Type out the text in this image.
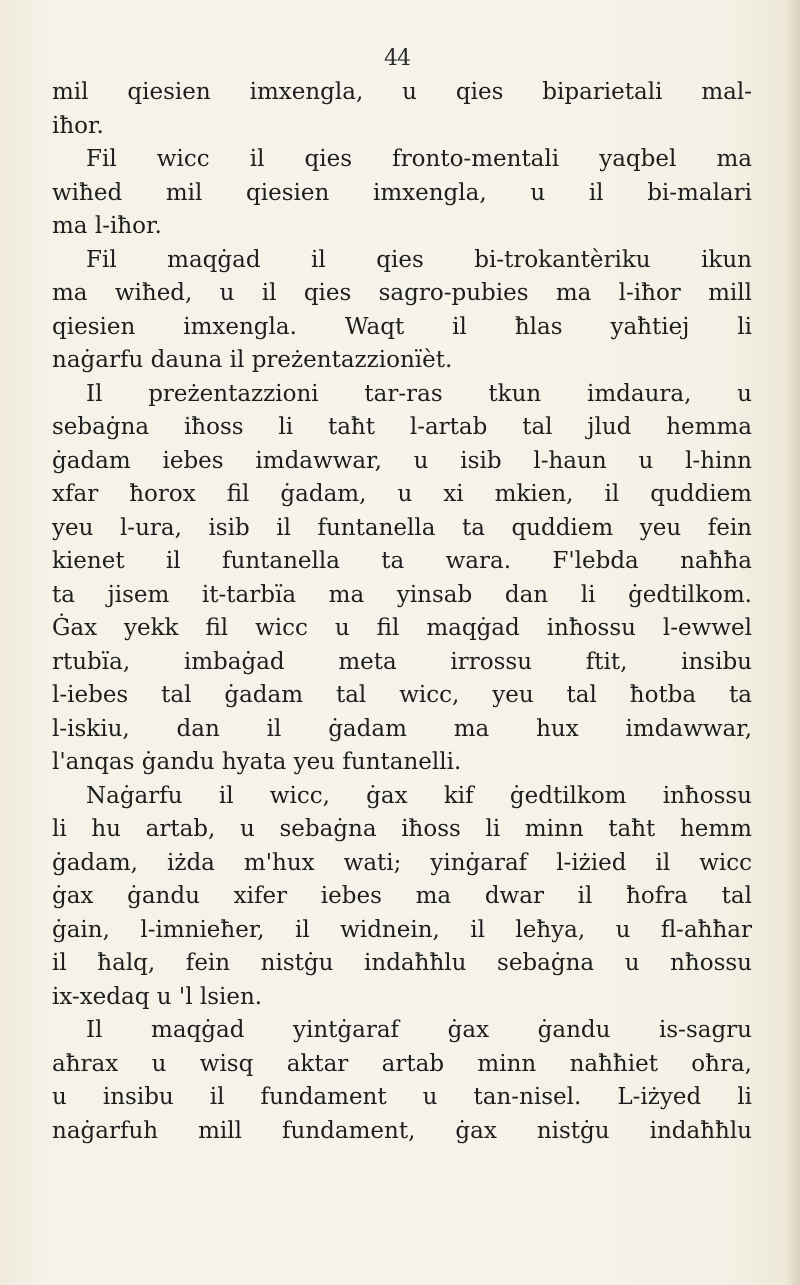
44
mil qiesien imxengla, u qies biparietali mal-
iħor.
Fil wicc il qies fronto-mentali yaqbel ma
wiħed mil qiesien imxengla, u il bi-malari
ma l-iħor.
Fil maqġad il qies bi-trokantèriku ikun
ma wiħed, u il qies sagro-pubies ma l-iħor mill
qiesien imxengla. Waqt il ħlas yaħtiej li
naġarfu dauna il preżentazzionïèt.
Il preżentazzioni tar-ras tkun imdaura, u
sebaġna iħoss li taħt l-artab tal jlud hemma
ġadam iebes imdawwar, u isib l-haun u l-hinn
xfar ħorox fil ġadam, u xi mkien, il quddiem
yeu l-ura, isib il funtanella ta quddiem yeu fein
kienet il funtanella ta wara. F'lebda naħħa
ta jisem it-tarbïa ma yinsab dan li ġedtilkom.
Ġax yekk fil wicc u fil maqġad inħossu l-ewwel
rtubïa, imbaġad meta irrossu ftit, insibu
l-iebes tal ġadam tal wicc, yeu tal ħotba ta
l-iskiu, dan il ġadam ma hux imdawwar,
l'anqas ġandu hyata yeu funtanelli.
Naġarfu il wicc, ġax kif ġedtilkom inħossu
li hu artab, u sebaġna iħoss li minn taħt hemm
ġadam, iżda m'hux wati; yinġaraf l-iżied il wicc
ġax ġandu xifer iebes ma dwar il ħofra tal
ġain, l-imnieħer, il widnein, il leħya, u fl-aħħar
il ħalq, fein nistġu indaħħlu sebaġna u nħossu
ix-xedaq u 'l lsien.
Il maqġad yintġaraf ġax ġandu is-sagru
aħrax u wisq aktar artab minn naħħiet oħra,
u insibu il fundament u tan-nisel. L-iżyed li
naġarfuh mill fundament, ġax nistġu indaħħlu
